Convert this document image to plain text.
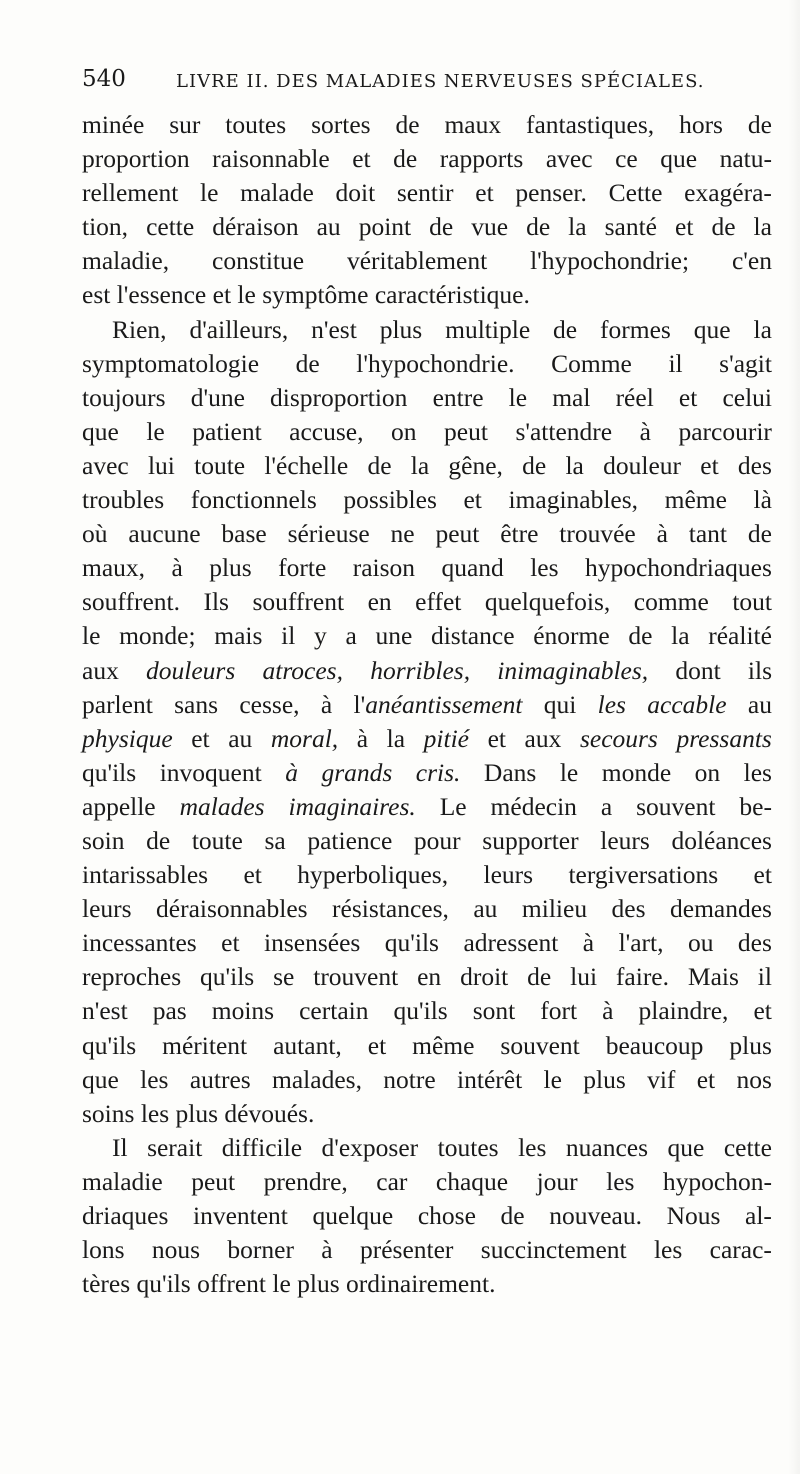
540	LIVRE II. DES MALADIES NERVEUSES SPÉCIALES.
minée sur toutes sortes de maux fantastiques, hors de
proportion raisonnable et de rapports avec ce que natu-
rellement le malade doit sentir et penser. Cette exagéra-
tion, cette déraison au point de vue de la santé et de la
maladie, constitue véritablement l'hypochondrie; c'en
est
l'essence
et
le
symptôme
caractéristique.
Rien, d'ailleurs, n'est plus multiple de formes que la
symptomatologie de l'hypochondrie. Comme il s'agit
toujours d'une disproportion entre le mal réel et celui
que le patient accuse, on peut s'attendre à parcourir
avec lui toute l'échelle de la gêne, de la douleur et des
troubles fonctionnels possibles et imaginables, même là
où aucune base sérieuse ne peut être trouvée à tant de
maux, à plus forte raison quand les hypochondriaques
souffrent. Ils souffrent en effet quelquefois, comme tout
le monde; mais il y a une distance énorme de la réalité
aux douleurs atroces, horribles, inimaginables, dont ils
parlent sans cesse, à l'anéantissement qui les accable au
physique et au moral, à la pitié et aux secours pressants
qu'ils invoquent à grands cris. Dans le monde on les
appelle malades imaginaires. Le médecin a souvent be-
soin de toute sa patience pour supporter leurs doléances
intarissables et hyperboliques, leurs tergiversations et
leurs déraisonnables résistances, au milieu des demandes
incessantes et insensées qu'ils adressent à l'art, ou des
reproches qu'ils se trouvent en droit de lui faire. Mais il
n'est pas moins certain qu'ils sont fort à plaindre, et
qu'ils méritent autant, et même souvent beaucoup plus
que les autres malades, notre intérêt le plus vif et nos
soins
les
plus
dévoués.
Il serait difficile d'exposer toutes les nuances que cette
maladie peut prendre, car chaque jour les hypochon-
driaques inventent quelque chose de nouveau. Nous al-
lons nous borner à présenter succinctement les carac-
tères
qu'ils
offrent
le
plus
ordinairement.
